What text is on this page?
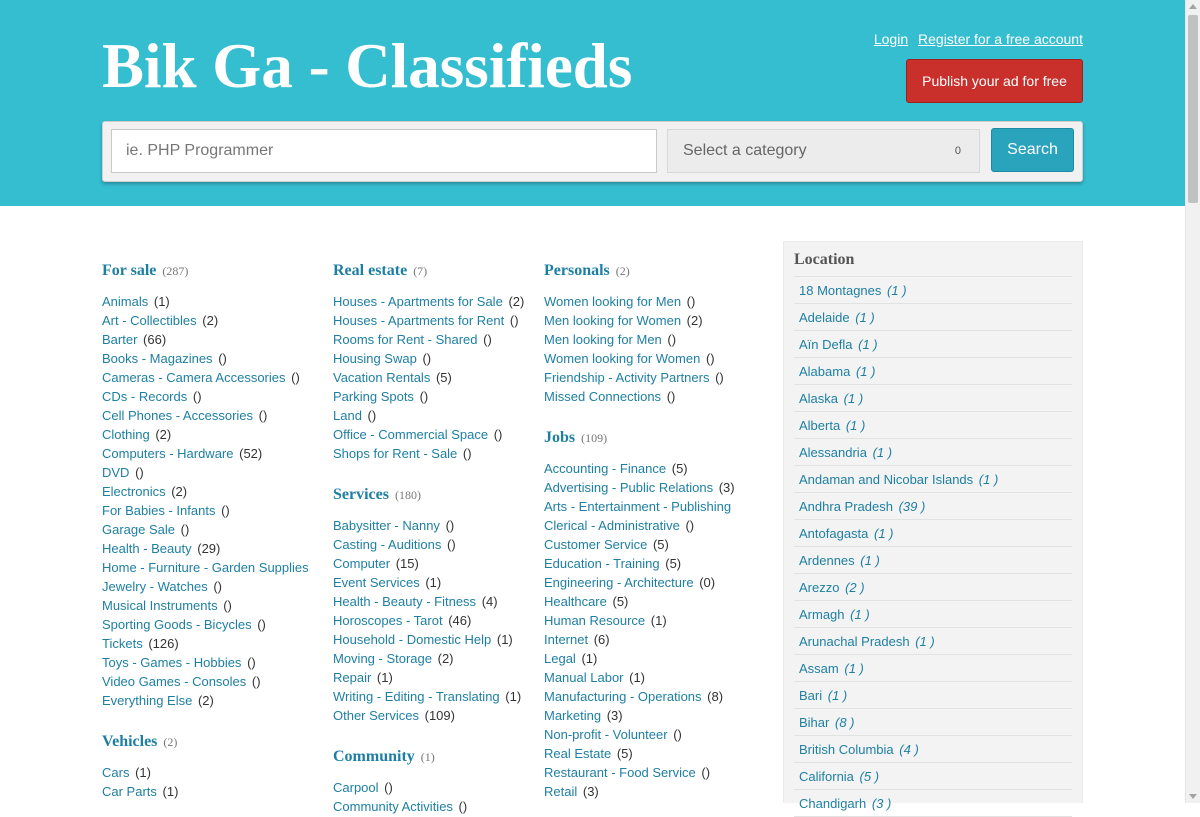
Bik Ga - Classifieds	Login Register for a free account
Publish your ad for free
ie. PHP Programmer	Select a category	0	Search
For sale (287)
Animals (1)
Art - Collectibles (2)
Barter (66)
Books - Magazines ()
Cameras - Camera Accessories ()
CDs - Records ()
Cell Phones - Accessories ()
Clothing (2)
Computers - Hardware (52)
DVD ()
Electronics (2)
For Babies - Infants ()
Garage Sale ()
Health - Beauty (29)
Home - Furniture - Garden Supplies
Jewelry - Watches ()
Musical Instruments ()
Sporting Goods - Bicycles ()
Tickets (126)
Toys - Games - Hobbies ()
Video Games - Consoles ()
Everything Else (2)
Vehicles (2)
Cars (1)
Car Parts (1)
Real estate (7)
Houses - Apartments for Sale (2)
Houses - Apartments for Rent ()
Rooms for Rent - Shared ()
Housing Swap ()
Vacation Rentals (5)
Parking Spots ()
Land ()
Office - Commercial Space ()
Shops for Rent - Sale ()
Services (180)
Babysitter - Nanny ()
Casting - Auditions ()
Computer (15)
Event Services (1)
Health - Beauty - Fitness (4)
Horoscopes - Tarot (46)
Household - Domestic Help (1)
Moving - Storage (2)
Repair (1)
Writing - Editing - Translating (1)
Other Services (109)
Community (1)
Carpool ()
Community Activities ()
Personals (2)
Women looking for Men ()
Men looking for Women (2)
Men looking for Men ()
Women looking for Women ()
Friendship - Activity Partners ()
Missed Connections ()
Jobs (109)
Accounting - Finance (5)
Advertising - Public Relations (3)
Arts - Entertainment - Publishing
Clerical - Administrative ()
Customer Service (5)
Education - Training (5)
Engineering - Architecture (0)
Healthcare (5)
Human Resource (1)
Internet (6)
Legal (1)
Manual Labor (1)
Manufacturing - Operations (8)
Marketing (3)
Non-profit - Volunteer ()
Real Estate (5)
Restaurant - Food Service ()
Retail (3)
Location
18 Montagnes (1 )
Adelaide (1 )
Aïn Defla (1 )
Alabama (1 )
Alaska (1 )
Alberta (1 )
Alessandria (1 )
Andaman and Nicobar Islands (1 )
Andhra Pradesh (39 )
Antofagasta (1 )
Ardennes (1 )
Arezzo (2 )
Armagh (1 )
Arunachal Pradesh (1 )
Assam (1 )
Bari (1 )
Bihar (8 )
British Columbia (4 )
California (5 )
Chandigarh (3 )
